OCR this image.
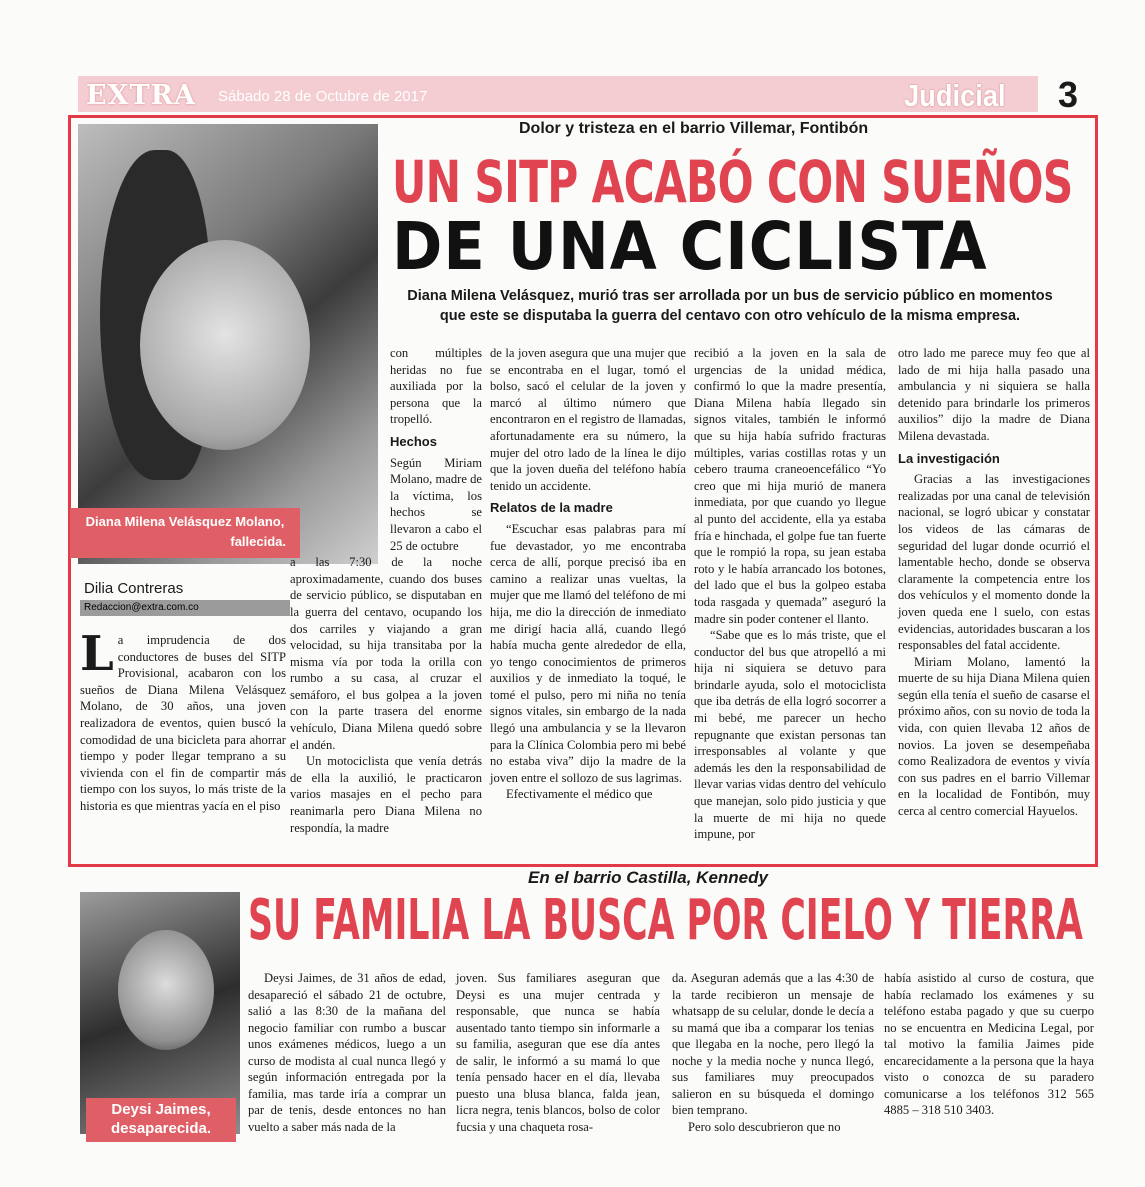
EXTRA Sábado 28 de Octubre de 2017	Judicial 3
Diana Milena Velásquez Molano,
fallecida.
Dolor y tristeza en el barrio Villemar, Fontibón
UN SITP ACABÓ CON SUEÑOS
DE UNA CICLISTA
Diana Milena Velásquez, murió tras ser arrollada por un bus de servicio público en momentos
que este se disputaba la guerra del centavo con otro vehículo de la misma empresa.
Dilia Contreras
Redaccion@extra.com.co
L a imprudencia de dos conductores de buses del SITP Provisional, acabaron con los sueños de Diana Milena Velásquez Molano, de 30 años, una joven realizadora de eventos, quien buscó la comodidad de una bicicleta para ahorrar tiempo y poder llegar temprano a su vivienda con el fin de compartir más tiempo con los suyos, lo más triste de la historia es que mientras yacía en el piso

con múltiples heridas no fue auxiliada por la persona que la tropelló.

Hechos

Según Miriam Molano, madre de la víctima, los hechos se llevaron a cabo el 25 de octubre

a las 7:30 de la noche aproximadamente, cuando dos buses de servicio público, se disputaban en la guerra del centavo, ocupando los dos carriles y viajando a gran velocidad, su hija transitaba por la misma vía por toda la orilla con rumbo a su casa, al cruzar el semáforo, el bus golpea a la joven con la parte trasera del enorme vehículo, Diana Milena quedó sobre el andén.

Un motociclista que venía detrás de ella la auxilió, le practicaron varios masajes en el pecho para reanimarla pero Diana Milena no respondía, la madre

de la joven asegura que una mujer que se encontraba en el lugar, tomó el bolso, sacó el celular de la joven y marcó al último número que encontraron en el registro de llamadas, afortunadamente era su número, la mujer del otro lado de la línea le dijo que la joven dueña del teléfono había tenido un accidente.

Relatos de la madre

“Escuchar esas palabras para mí fue devastador, yo me encontraba cerca de allí, porque precisó iba en camino a realizar unas vueltas, la mujer que me llamó del teléfono de mi hija, me dio la dirección de inmediato me dirigí hacia allá, cuando llegó había mucha gente alrededor de ella, yo tengo conocimientos de primeros auxilios y de inmediato la toqué, le tomé el pulso, pero mi niña no tenía signos vitales, sin embargo de la nada llegó una ambulancia y se la llevaron para la Clínica Colombia pero mi bebé no estaba viva” dijo la madre de la joven entre el sollozo de sus lagrimas.

Efectivamente el médico que

recibió a la joven en la sala de urgencias de la unidad médica, confirmó lo que la madre presentía, Diana Milena había llegado sin signos vitales, también le informó que su hija había sufrido fracturas múltiples, varias costillas rotas y un cebero trauma craneoencefálico “Yo creo que mi hija murió de manera inmediata, por que cuando yo llegue al punto del accidente, ella ya estaba fría e hinchada, el golpe fue tan fuerte que le rompió la ropa, su jean estaba roto y le había arrancado los botones, del lado que el bus la golpeo estaba toda rasgada y quemada” aseguró la madre sin poder contener el llanto.

“Sabe que es lo más triste, que el conductor del bus que atropelló a mi hija ni siquiera se detuvo para brindarle ayuda, solo el motociclista que iba detrás de ella logró socorrer a mi bebé, me parecer un hecho repugnante que existan personas tan irresponsables al volante y que además les den la responsabilidad de llevar varias vidas dentro del vehículo que manejan, solo pido justicia y que la muerte de mi hija no quede impune, por

otro lado me parece muy feo que al lado de mi hija halla pasado una ambulancia y ni siquiera se halla detenido para brindarle los primeros auxilios” dijo la madre de Diana Milena devastada.

La investigación

Gracias a las investigaciones realizadas por una canal de televisión nacional, se logró ubicar y constatar los videos de las cámaras de seguridad del lugar donde ocurrió el lamentable hecho, donde se observa claramente la competencia entre los dos vehículos y el momento donde la joven queda ene l suelo, con estas evidencias, autoridades buscaran a los responsables del fatal accidente.

Miriam Molano, lamentó la muerte de su hija Diana Milena quien según ella tenía el sueño de casarse el próximo años, con su novio de toda la vida, con quien llevaba 12 años de novios. La joven se desempeñaba como Realizadora de eventos y vivía con sus padres en el barrio Villemar en la localidad de Fontibón, muy cerca al centro comercial Hayuelos.

En el barrio Castilla, Kennedy
SU FAMILIA LA BUSCA POR CIELO Y TIERRA
Deysi Jaimes,
desaparecida.

Deysi Jaimes, de 31 años de edad, desapareció el sábado 21 de octubre, salió a las 8:30 de la mañana del negocio familiar con rumbo a buscar unos exámenes médicos, luego a un curso de modista al cual nunca llegó y según información entregada por la familia, mas tarde iría a comprar un par de tenis, desde entonces no han vuelto a saber más nada de la

joven. Sus familiares aseguran que Deysi es una mujer centrada y responsable, que nunca se había ausentado tanto tiempo sin informarle a su familia, aseguran que ese día antes de salir, le informó a su mamá lo que tenía pensado hacer en el día, llevaba puesto una blusa blanca, falda jean, licra negra, tenis blancos, bolso de color fucsia y una chaqueta rosa-

da. Aseguran además que a las 4:30 de la tarde recibieron un mensaje de whatsapp de su celular, donde le decía a su mamá que iba a comparar los tenias que llegaba en la noche, pero llegó la noche y la media noche y nunca llegó, sus familiares muy preocupados salieron en su búsqueda el domingo bien temprano.

Pero solo descubrieron que no

había asistido al curso de costura, que había reclamado los exámenes y su teléfono estaba pagado y que su cuerpo no se encuentra en Medicina Legal, por tal motivo la familia Jaimes pide encarecidamente a la persona que la haya visto o conozca de su paradero comunicarse a los teléfonos 312 565 4885 – 318 510 3403.
